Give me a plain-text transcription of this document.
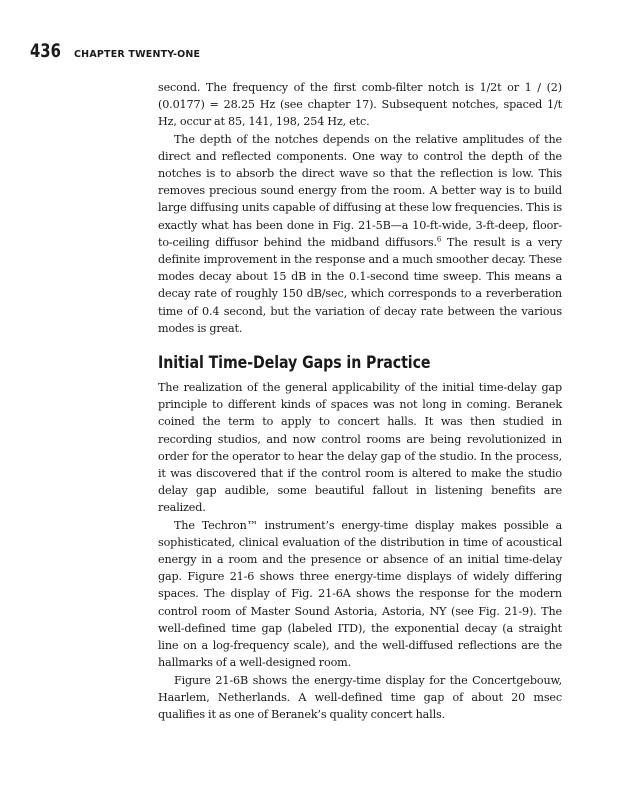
436 CHAPTER TWENTY-ONE

second. The frequency of the first comb-filter notch is 1/2t or 1 / (2)(0.0177) = 28.25 Hz (see chapter 17). Subsequent notches, spaced 1/t Hz, occur at 85, 141, 198, 254 Hz, etc.

The depth of the notches depends on the relative amplitudes of the direct and reflected components. One way to control the depth of the notches is to absorb the direct wave so that the reflection is low. This removes precious sound energy from the room. A better way is to build large diffusing units capable of diffusing at these low frequencies. This is exactly what has been done in Fig. 21-5B—a 10-ft-wide, 3-ft-deep, floor-to-ceiling diffusor behind the midband diffusors.$^6$ The result is a very definite improvement in the response and a much smoother decay. These modes decay about 15 dB in the 0.1-second time sweep. This means a decay rate of roughly 150 dB/sec, which corresponds to a reverberation time of 0.4 second, but the variation of decay rate between the various modes is great.

Initial Time-Delay Gaps in Practice

The realization of the general applicability of the initial time-delay gap principle to different kinds of spaces was not long in coming. Beranek coined the term to apply to concert halls. It was then studied in recording studios, and now control rooms are being revolutionized in order for the operator to hear the delay gap of the studio. In the process, it was discovered that if the control room is altered to make the studio delay gap audible, some beautiful fallout in listening benefits are realized.

The Techron™ instrument’s energy-time display makes possible a sophisticated, clinical evaluation of the distribution in time of acoustical energy in a room and the presence or absence of an initial time-delay gap. Figure 21-6 shows three energy-time displays of widely differing spaces. The display of Fig. 21-6A shows the response for the modern control room of Master Sound Astoria, Astoria, NY (see Fig. 21-9). The well-defined time gap (labeled ITD), the exponential decay (a straight line on a log-frequency scale), and the well-diffused reflections are the hallmarks of a well-designed room.

Figure 21-6B shows the energy-time display for the Concertgebouw, Haarlem, Netherlands. A well-defined time gap of about 20 msec qualifies it as one of Beranek’s quality concert halls.
